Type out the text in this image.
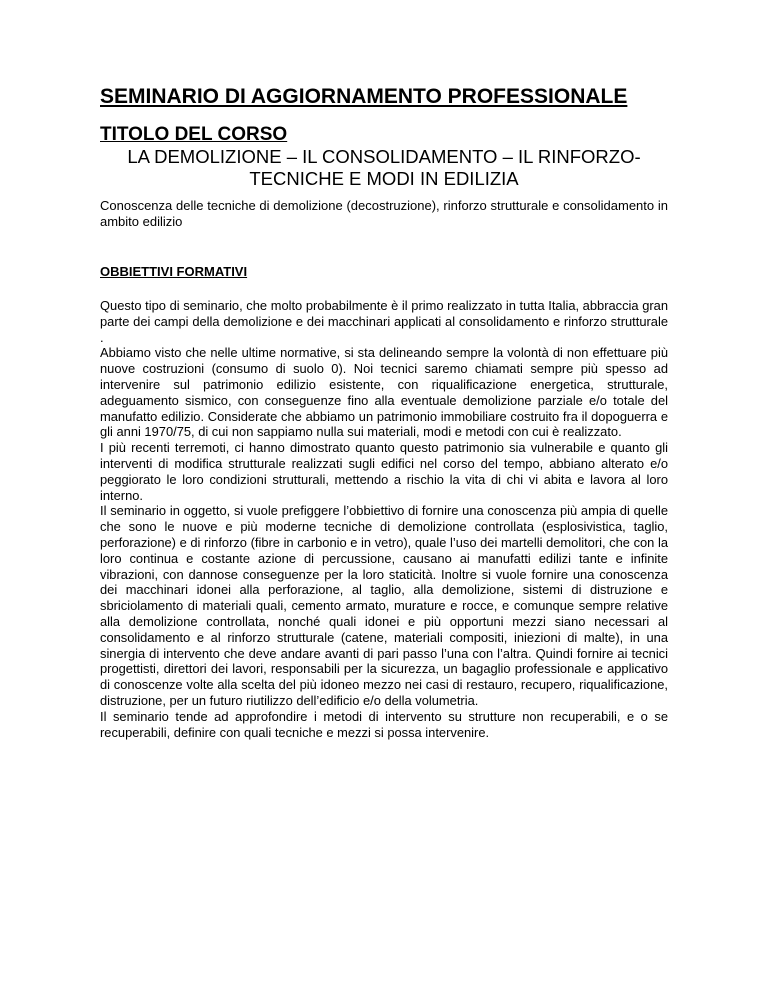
SEMINARIO DI AGGIORNAMENTO PROFESSIONALE
TITOLO DEL CORSO
LA DEMOLIZIONE – IL CONSOLIDAMENTO – IL RINFORZO-
TECNICHE E MODI IN EDILIZIA

Conoscenza delle tecniche di demolizione (decostruzione), rinforzo strutturale e consolidamento in ambito edilizio

OBBIETTIVI FORMATIVI

Questo tipo di seminario, che molto probabilmente è il primo realizzato in tutta Italia, abbraccia gran parte dei campi della demolizione e dei macchinari applicati al consolidamento e rinforzo strutturale .

Abbiamo visto che nelle ultime normative, si sta delineando sempre la volontà di non effettuare più nuove costruzioni (consumo di suolo 0). Noi tecnici saremo chiamati sempre più spesso ad intervenire sul patrimonio edilizio esistente, con riqualificazione energetica, strutturale, adeguamento sismico, con conseguenze fino alla eventuale demolizione parziale e/o totale del manufatto edilizio. Considerate che abbiamo un patrimonio immobiliare costruito fra il dopoguerra e gli anni 1970/75, di cui non sappiamo nulla sui materiali, modi e metodi con cui è realizzato.

I più recenti terremoti, ci hanno dimostrato quanto questo patrimonio sia vulnerabile e quanto gli interventi di modifica strutturale realizzati sugli edifici nel corso del tempo, abbiano alterato e/o peggiorato le loro condizioni strutturali, mettendo a rischio la vita di chi vi abita e lavora al loro interno.

Il seminario in oggetto, si vuole prefiggere l’obbiettivo di fornire una conoscenza più ampia di quelle che sono le nuove e più moderne tecniche di demolizione controllata (esplosivistica, taglio, perforazione) e di rinforzo (fibre in carbonio e in vetro), quale l’uso dei martelli demolitori, che con la loro continua e costante azione di percussione, causano ai manufatti edilizi tante e infinite vibrazioni, con dannose conseguenze per la loro staticità. Inoltre si vuole fornire una conoscenza dei macchinari idonei alla perforazione, al taglio, alla demolizione, sistemi di distruzione e sbriciolamento di materiali quali, cemento armato, murature e rocce, e comunque sempre relative alla demolizione controllata, nonché quali idonei e più opportuni mezzi siano necessari al consolidamento e al rinforzo strutturale (catene, materiali compositi, iniezioni di malte), in una sinergia di intervento che deve andare avanti di pari passo l’una con l’altra. Quindi fornire ai tecnici progettisti, direttori dei lavori, responsabili per la sicurezza, un bagaglio professionale e applicativo di conoscenze volte alla scelta del più idoneo mezzo nei casi di restauro, recupero, riqualificazione, distruzione, per un futuro riutilizzo dell’edificio e/o della volumetria.

Il seminario tende ad approfondire i metodi di intervento su strutture non recuperabili, e o se recuperabili, definire con quali tecniche e mezzi si possa intervenire.
